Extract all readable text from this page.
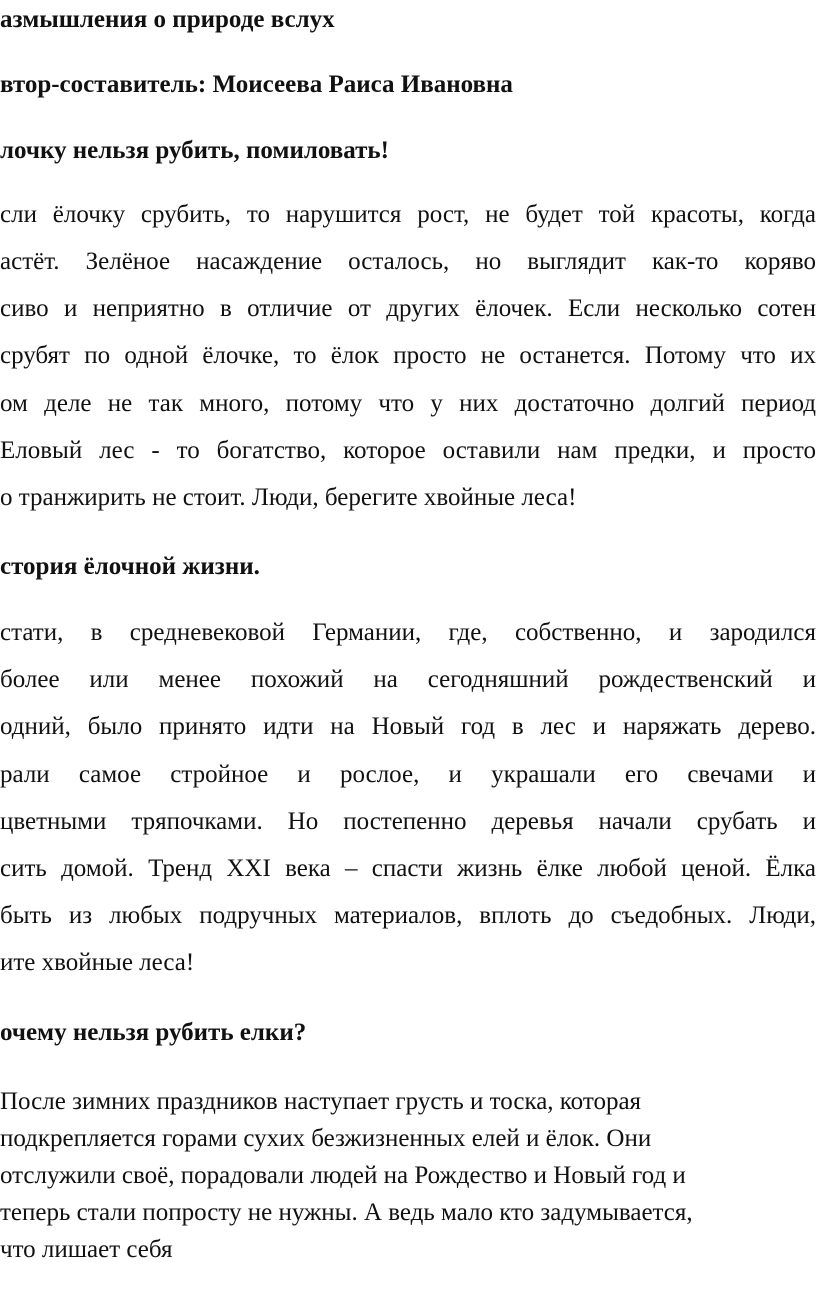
азмышления о природе вслух
втор-составитель: Моисеева Раиса Ивановна
лочку нельзя рубить, помиловать!
сли ёлочку срубить, то нарушится рост, не будет той красоты, когда
астёт. Зелёное насаждение осталось, но выглядит как-то коряво
сиво и неприятно в отличие от других ёлочек. Если несколько сотен
срубят по одной ёлочке, то ёлок просто не останется. Потому что их
ом деле не так много, потому что у них достаточно долгий период
Еловый лес - то богатство, которое оставили нам предки, и просто
о транжирить не стоит. Люди, берегите хвойные леса!
стория ёлочной жизни.
стати, в средневековой Германии, где, собственно, и зародился
более или менее похожий на сегодняшний рождественский и
одний, было принято идти на Новый год в лес и наряжать дерево.
рали самое стройное и рослое, и украшали его свечами и
цветными тряпочками. Но постепенно деревья начали срубать и
сить домой. Тренд XXI века – спасти жизнь ёлке любой ценой. Ёлка
быть из любых подручных материалов, вплоть до съедобных. Люди,
ите хвойные леса!
очему нельзя рубить елки?
После зимних праздников наступает грусть и тоска, которая
подкрепляется горами сухих безжизненных елей и ёлок. Они
отслужили своё, порадовали людей на Рождество и Новый год и
теперь стали попросту не нужны. А ведь мало кто задумывается,
что лишает себя
